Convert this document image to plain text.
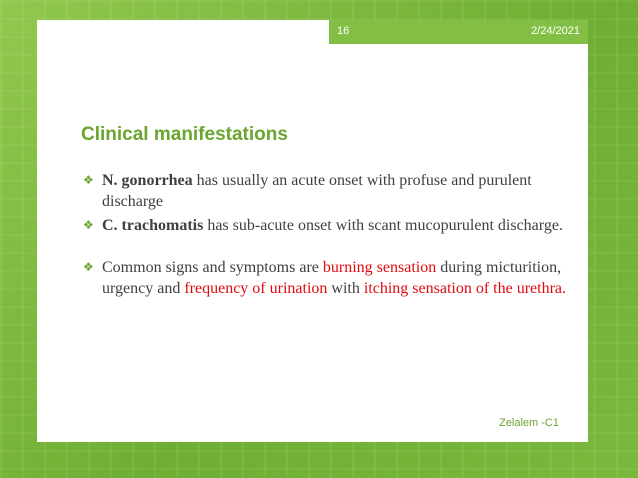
16	2/24/2021
Clinical manifestations
❖ N. gonorrhea has usually an acute onset with profuse and purulent discharge
❖ C. trachomatis has sub-acute onset with scant mucopurulent discharge.
❖ Common signs and symptoms are burning sensation during micturition, urgency and frequency of urination with itching sensation of the urethra.
Zelalem -C1
